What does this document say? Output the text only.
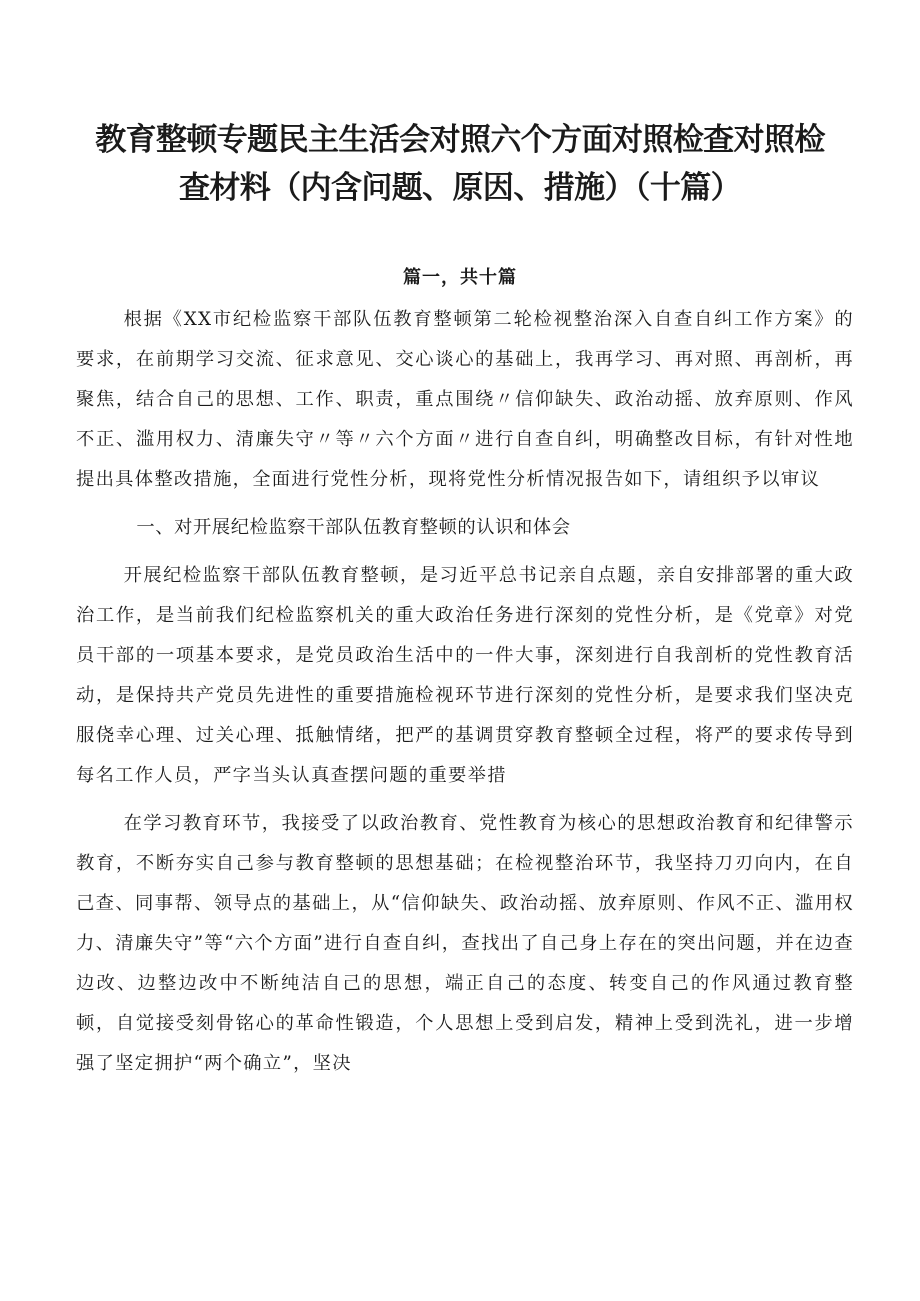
教育整顿专题民主生活会对照六个方面对照检查对照检
查材料（内含问题、原因、措施）（十篇）
篇一，共十篇

根据《XX市纪检监察干部队伍教育整顿第二轮检视整治深入自查自纠工作方案》的要求，在前期学习交流、征求意见、交心谈心的基础上，我再学习、再对照、再剖析，再聚焦，结合自己的思想、工作、职责，重点围绕〃信仰缺失、政治动摇、放弃原则、作风不正、滥用权力、清廉失守〃等〃六个方面〃进行自查自纠，明确整改目标，有针对性地提出具体整改措施，全面进行党性分析，现将党性分析情况报告如下，请组织予以审议

一、对开展纪检监察干部队伍教育整顿的认识和体会

开展纪检监察干部队伍教育整顿，是习近平总书记亲自点题，亲自安排部署的重大政治工作，是当前我们纪检监察机关的重大政治任务进行深刻的党性分析，是《党章》对党员干部的一项基本要求，是党员政治生活中的一件大事，深刻进行自我剖析的党性教育活动，是保持共产党员先进性的重要措施检视环节进行深刻的党性分析，是要求我们坚决克服侥幸心理、过关心理、抵触情绪，把严的基调贯穿教育整顿全过程，将严的要求传导到每名工作人员，严字当头认真查摆问题的重要举措

在学习教育环节，我接受了以政治教育、党性教育为核心的思想政治教育和纪律警示教育，不断夯实自己参与教育整顿的思想基础；在检视整治环节，我坚持刀刃向内，在自己查、同事帮、领导点的基础上，从“信仰缺失、政治动摇、放弃原则、作风不正、滥用权力、清廉失守”等“六个方面”进行自查自纠，查找出了自己身上存在的突出问题，并在边查边改、边整边改中不断纯洁自己的思想，端正自己的态度、转变自己的作风通过教育整顿，自觉接受刻骨铭心的革命性锻造，个人思想上受到启发，精神上受到洗礼，进一步增强了坚定拥护“两个确立”，坚决
